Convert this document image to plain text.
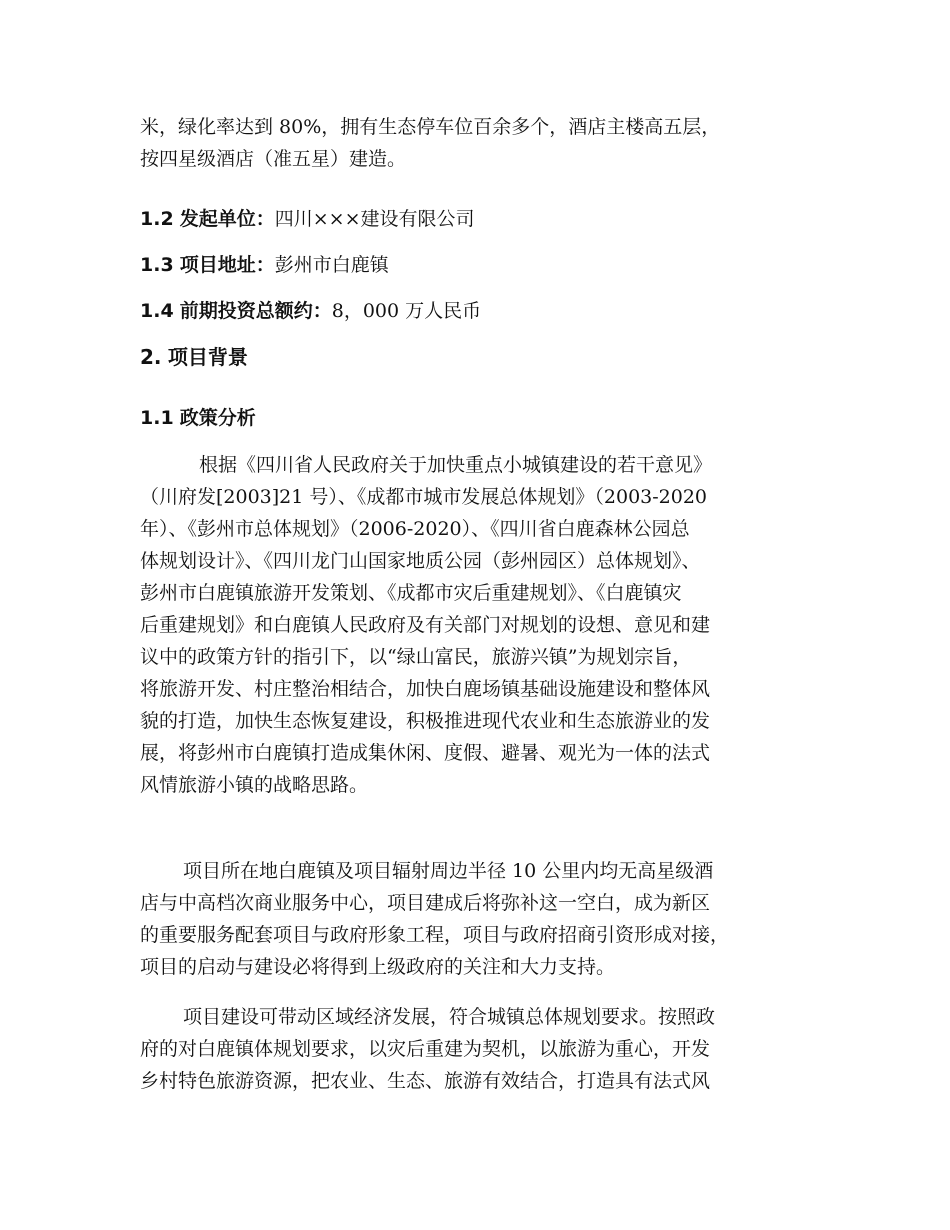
米，绿化率达到 80%，拥有生态停车位百余多个，酒店主楼高五层，
按四星级酒店（准五星）建造。
1.2 发起单位：四川×××建设有限公司
1.3 项目地址：彭州市白鹿镇
1.4 前期投资总额约：8，000 万人民币
2. 项目背景
1.1 政策分析
　根据《四川省人民政府关于加快重点小城镇建设的若干意见》
（川府发[2003]21 号）、《成都市城市发展总体规划》（2003-2020
年）、《彭州市总体规划》（2006-2020）、《四川省白鹿森林公园总
体规划设计》、《四川龙门山国家地质公园（彭州园区）总体规划》、
彭州市白鹿镇旅游开发策划、《成都市灾后重建规划》、《白鹿镇灾
后重建规划》和白鹿镇人民政府及有关部门对规划的设想、意见和建
议中的政策方针的指引下，以“绿山富民，旅游兴镇”为规划宗旨，
将旅游开发、村庄整治相结合，加快白鹿场镇基础设施建设和整体风
貌的打造，加快生态恢复建设，积极推进现代农业和生态旅游业的发
展，将彭州市白鹿镇打造成集休闲、度假、避暑、观光为一体的法式
风情旅游小镇的战略思路。
　项目所在地白鹿镇及项目辐射周边半径 10 公里内均无高星级酒
店与中高档次商业服务中心，项目建成后将弥补这一空白，成为新区
的重要服务配套项目与政府形象工程，项目与政府招商引资形成对接，
项目的启动与建设必将得到上级政府的关注和大力支持。
　项目建设可带动区域经济发展，符合城镇总体规划要求。按照政
府的对白鹿镇体规划要求，以灾后重建为契机，以旅游为重心，开发
乡村特色旅游资源，把农业、生态、旅游有效结合，打造具有法式风
